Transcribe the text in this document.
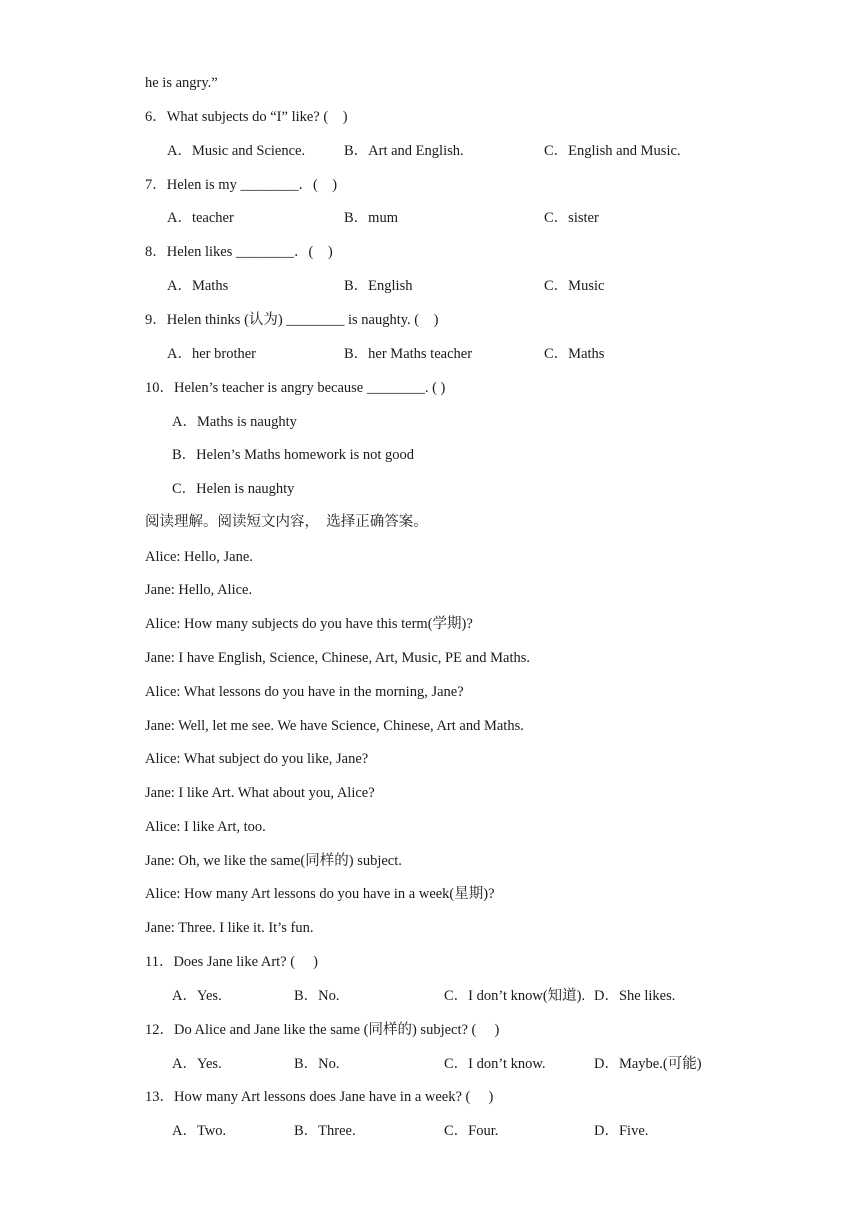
he is angry.”
6．What subjects do “I” like? (    )
A．Music and Science.	B．Art and English.	C．English and Music.
7．Helen is my ________．(    )
A．teacher	B．mum	C．sister
8．Helen likes ________．(    )
A．Maths	B．English	C．Music
9．Helen thinks (认为) ________ is naughty. (    )
A．her brother	B．her Maths teacher	C．Maths
10．Helen’s teacher is angry because ________. ( )
A．Maths is naughty
B．Helen’s Maths homework is not good
C．Helen is naughty
阅读理解。阅读短文内容，  选择正确答案。
Alice: Hello, Jane.
Jane: Hello, Alice.
Alice: How many subjects do you have this term(学期)?
Jane: I have English, Science, Chinese, Art, Music, PE and Maths.
Alice: What lessons do you have in the morning, Jane?
Jane: Well, let me see. We have Science, Chinese, Art and Maths.
Alice: What subject do you like, Jane?
Jane: I like Art. What about you, Alice?
Alice: I like Art, too.
Jane: Oh, we like the same(同样的) subject.
Alice: How many Art lessons do you have in a week(星期)?
Jane: Three. I like it. It’s fun.
11．Does Jane like Art? (     )
A．Yes.	B．No.	C．I don’t know(知道). D．She likes.
12．Do Alice and Jane like the same (同样的) subject? (     )
A．Yes.	B．No.	C．I don’t know.	D．Maybe.(可能)
13．How many Art lessons does Jane have in a week? (     )
A．Two.	B．Three.	C．Four.	D．Five.
